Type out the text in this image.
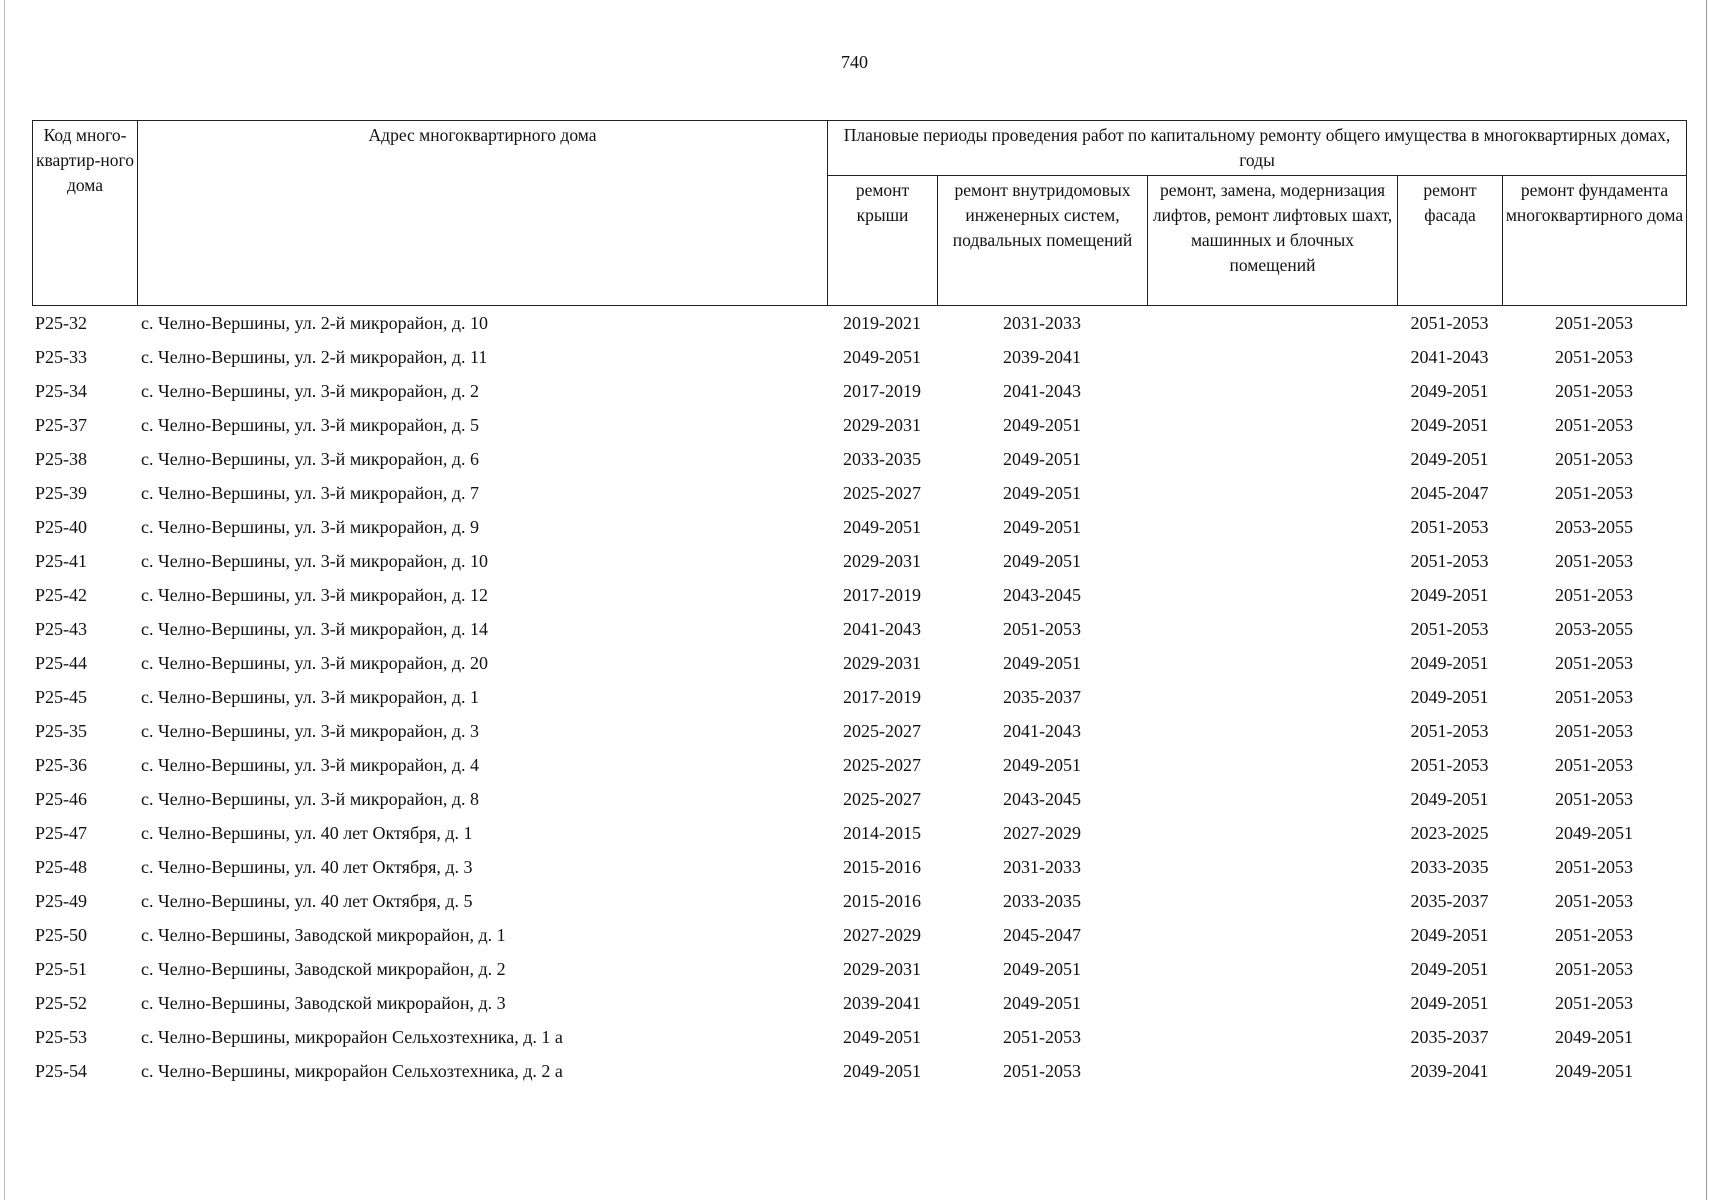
740
Код много-квартир-ного дома	Адрес многоквартирного дома	Плановые периоды проведения работ по капитальному ремонту общего имущества в многоквартирных домах, годы				
		ремонт крыши	ремонт внутридомовых инженерных систем, подвальных помещений	ремонт, замена, модернизация лифтов, ремонт лифтовых шахт, машинных и блочных помещений	ремонт фасада	ремонт фундамента многоквартирного дома
Р25-32	с. Челно-Вершины, ул. 2-й микрорайон, д. 10	2019-2021	2031-2033		2051-2053	2051-2053
Р25-33	с. Челно-Вершины, ул. 2-й микрорайон, д. 11	2049-2051	2039-2041		2041-2043	2051-2053
Р25-34	с. Челно-Вершины, ул. 3-й микрорайон, д. 2	2017-2019	2041-2043		2049-2051	2051-2053
Р25-37	с. Челно-Вершины, ул. 3-й микрорайон, д. 5	2029-2031	2049-2051		2049-2051	2051-2053
Р25-38	с. Челно-Вершины, ул. 3-й микрорайон, д. 6	2033-2035	2049-2051		2049-2051	2051-2053
Р25-39	с. Челно-Вершины, ул. 3-й микрорайон, д. 7	2025-2027	2049-2051		2045-2047	2051-2053
Р25-40	с. Челно-Вершины, ул. 3-й микрорайон, д. 9	2049-2051	2049-2051		2051-2053	2053-2055
Р25-41	с. Челно-Вершины, ул. 3-й микрорайон, д. 10	2029-2031	2049-2051		2051-2053	2051-2053
Р25-42	с. Челно-Вершины, ул. 3-й микрорайон, д. 12	2017-2019	2043-2045		2049-2051	2051-2053
Р25-43	с. Челно-Вершины, ул. 3-й микрорайон, д. 14	2041-2043	2051-2053		2051-2053	2053-2055
Р25-44	с. Челно-Вершины, ул. 3-й микрорайон, д. 20	2029-2031	2049-2051		2049-2051	2051-2053
Р25-45	с. Челно-Вершины, ул. 3-й микрорайон, д. 1	2017-2019	2035-2037		2049-2051	2051-2053
Р25-35	с. Челно-Вершины, ул. 3-й микрорайон, д. 3	2025-2027	2041-2043		2051-2053	2051-2053
Р25-36	с. Челно-Вершины, ул. 3-й микрорайон, д. 4	2025-2027	2049-2051		2051-2053	2051-2053
Р25-46	с. Челно-Вершины, ул. 3-й микрорайон, д. 8	2025-2027	2043-2045		2049-2051	2051-2053
Р25-47	с. Челно-Вершины, ул. 40 лет Октября, д. 1	2014-2015	2027-2029		2023-2025	2049-2051
Р25-48	с. Челно-Вершины, ул. 40 лет Октября, д. 3	2015-2016	2031-2033		2033-2035	2051-2053
Р25-49	с. Челно-Вершины, ул. 40 лет Октября, д. 5	2015-2016	2033-2035		2035-2037	2051-2053
Р25-50	с. Челно-Вершины, Заводской микрорайон, д. 1	2027-2029	2045-2047		2049-2051	2051-2053
Р25-51	с. Челно-Вершины, Заводской микрорайон, д. 2	2029-2031	2049-2051		2049-2051	2051-2053
Р25-52	с. Челно-Вершины, Заводской микрорайон, д. 3	2039-2041	2049-2051		2049-2051	2051-2053
Р25-53	с. Челно-Вершины, микрорайон Сельхозтехника, д. 1 а	2049-2051	2051-2053		2035-2037	2049-2051
Р25-54	с. Челно-Вершины, микрорайон Сельхозтехника, д. 2 а	2049-2051	2051-2053		2039-2041	2049-2051
